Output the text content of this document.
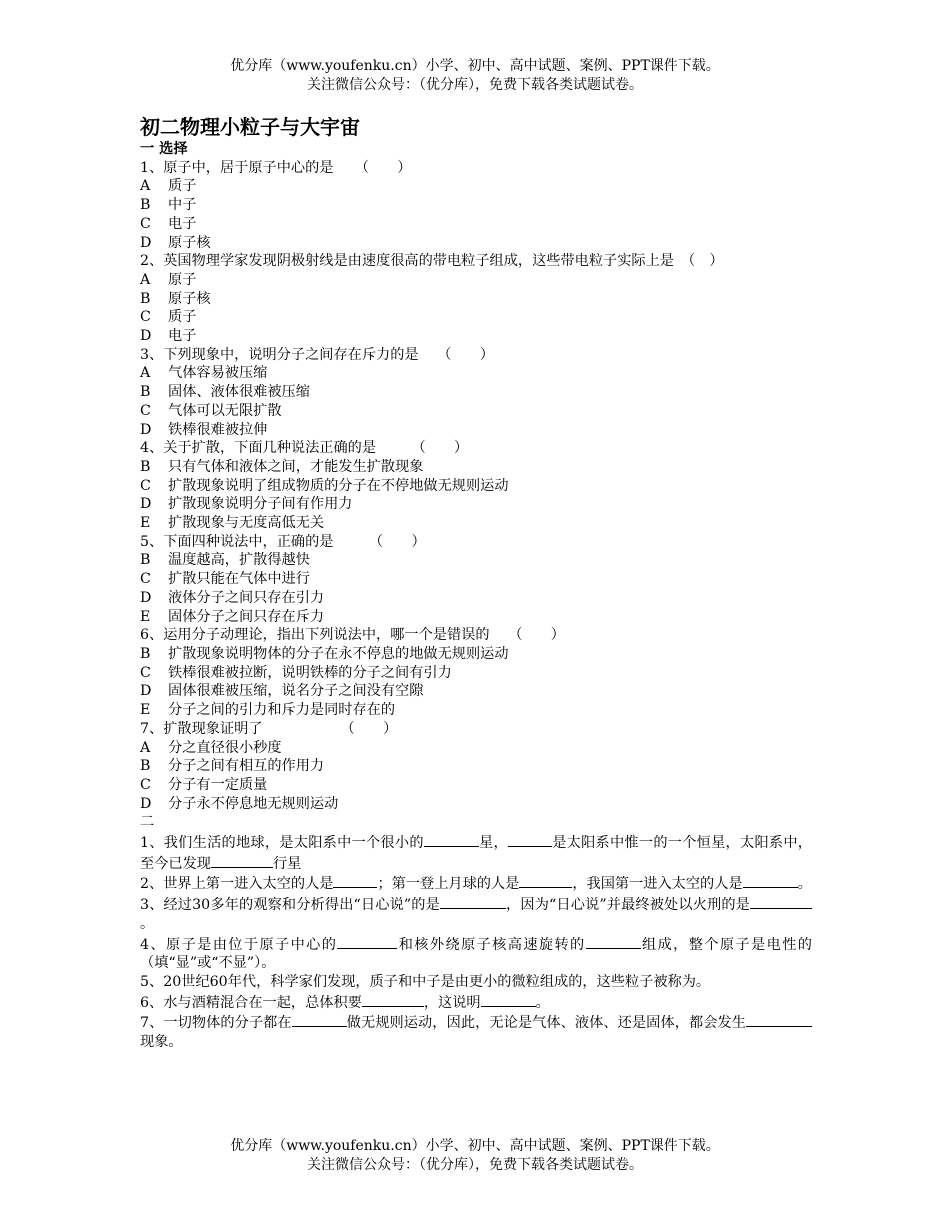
优分库（www.youfenku.cn）小学、初中、高中试题、案例、PPT课件下载。
关注微信公众号：（优分库），免费下载各类试题试卷。
初二物理小粒子与大宇宙
一 选择
1、原子中，居于原子中心的是　　（　　）
A 质子
B 中子
C 电子
D 原子核
2、英国物理学家发现阴极射线是由速度很高的带电粒子组成，这些带电粒子实际上是　（　）
A 原子
B 原子核
C 质子
D 电子
3、下列现象中，说明分子之间存在斥力的是　 （　　）
A 气体容易被压缩
B 固体、液体很难被压缩
C 气体可以无限扩散
D 铁棒很难被拉伸
4、关于扩散，下面几种说法正确的是　　　（　　）
B 只有气体和液体之间，才能发生扩散现象
C 扩散现象说明了组成物质的分子在不停地做无规则运动
D 扩散现象说明分子间有作用力
E 扩散现象与无度高低无关
5、下面四种说法中，正确的是　　　（　　）
B 温度越高，扩散得越快
C 扩散只能在气体中进行
D 液体分子之间只存在引力
E 固体分子之间只存在斥力
6、运用分子动理论，指出下列说法中，哪一个是错误的　 （　　）
B 扩散现象说明物体的分子在永不停息的地做无规则运动
C 铁棒很难被拉断，说明铁棒的分子之间有引力
D 固体很难被压缩，说名分子之间没有空隙
E 分子之间的引力和斥力是同时存在的
7、扩散现象证明了　　　　　　（　　）
A 分之直径很小秒度
B 分子之间有相互的作用力
C 分子有一定质量
D 分子永不停息地无规则运动
二
1、我们生活的地球，是太阳系中一个很小的	星，	是太阳系中惟一的一个恒星，太阳系中，至今已发现	行星
2、世界上第一进入太空的人是	；第一登上月球的人是	，我国第一进入太空的人是	。
3、经过30多年的观察和分析得出“日心说”的是	，因为“日心说”并最终被处以火刑的是。
4、原子是由位于原子中心的	和核外绕原子核高速旋转的	组成，整个原子是电性的（填“显”或“不显”）。
5、20世纪60年代，科学家们发现，质子和中子是由更小的微粒组成的，这些粒子被称为。
6、水与酒精混合在一起，总体积要	，这说明	。
7、一切物体的分子都在	做无规则运动，因此，无论是气体、液体、还是固体，都会发生现象。
优分库（www.youfenku.cn）小学、初中、高中试题、案例、PPT课件下载。
关注微信公众号：（优分库），免费下载各类试题试卷。
